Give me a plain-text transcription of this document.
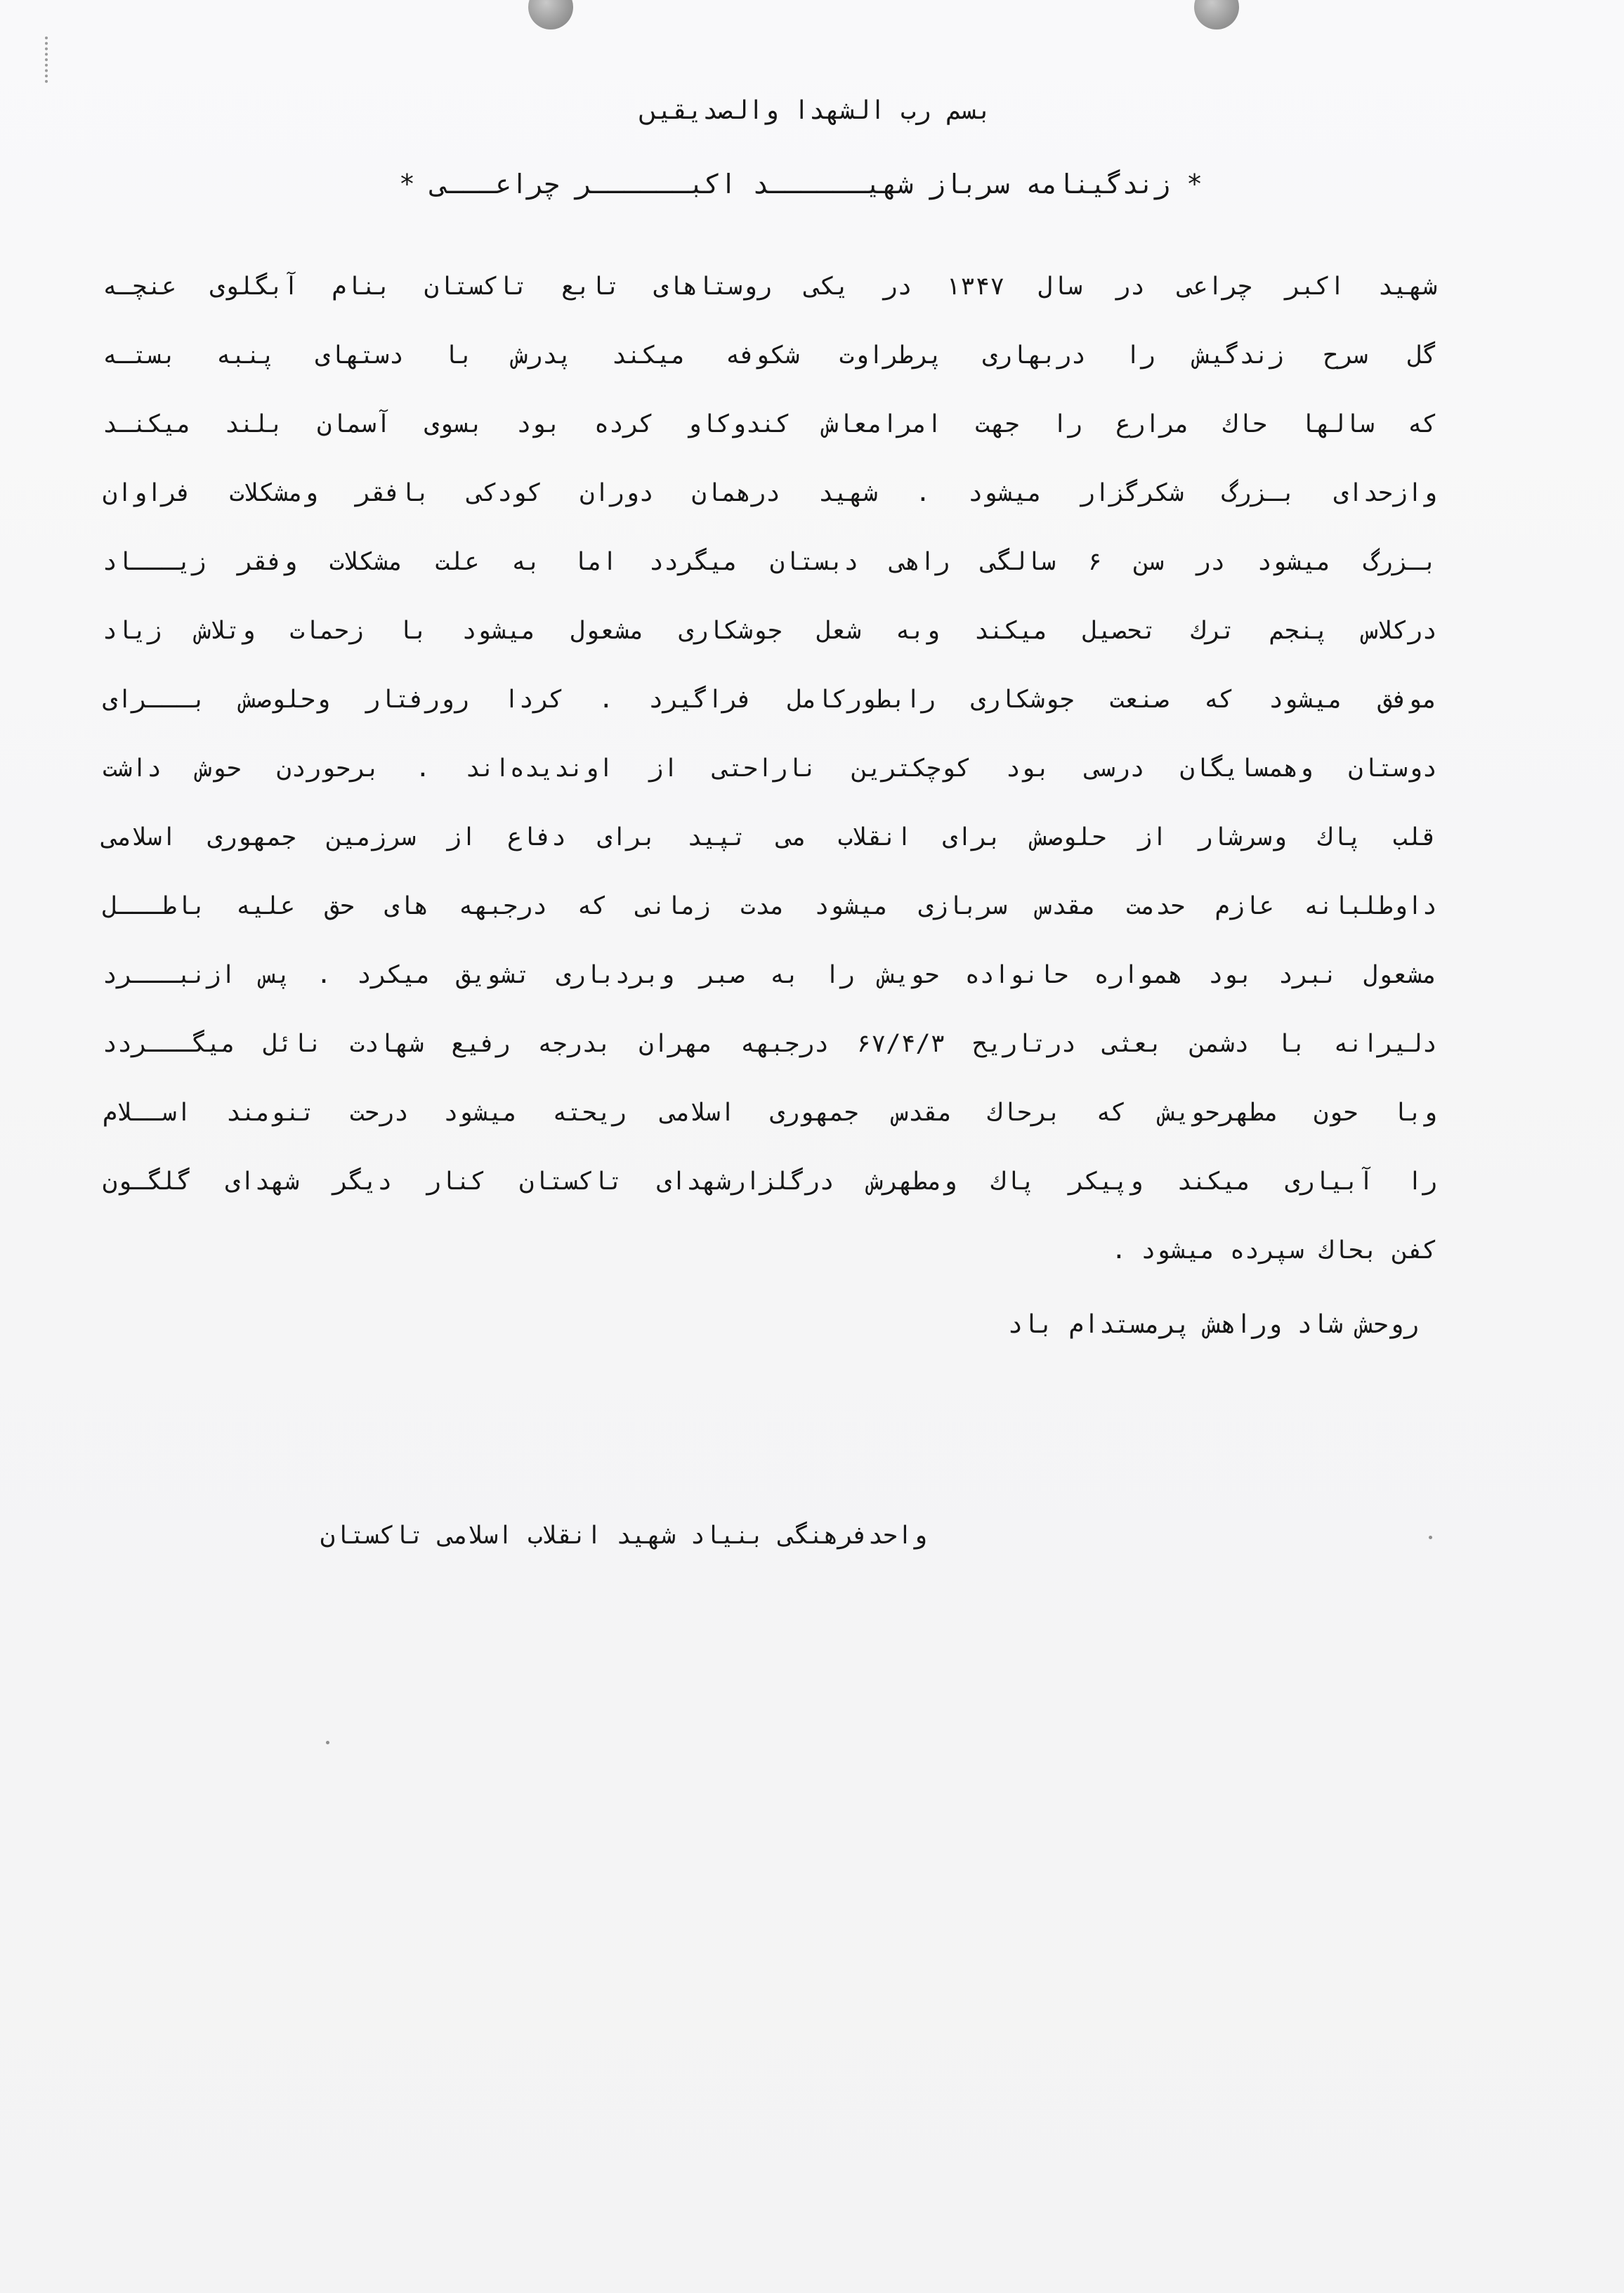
بسم رب الشهدا والصدیقیں
* زندگینامه سرباز شهیــــــد اکبــــــر چراعـــی *
شهید اکبر چراعی در سال ۱۳۴۷ در یکی روستاهای تابع تاکستان بنام آبگلوی عنچـه
گل سرح زندگیش را دربهاری پرطراوت شکوفه میکند پدرش با دستهای پنبه بستـه
که سالها حاك مرارع را جهت امرامعاش کندوکاو کرده بود بسوی آسمان بلند میکنـد
وازحدای بـزرگ شکرگزار میشود . شهید درهمان دوران کودکی بافقر ومشکلات فراوان
بـزرگ میشود در سن ۶ سالگی راهی دبستان میگردد اما به علت مشکلات وفقر زیـــاد
درکلاس پنجم ترك تحصیل میکند وبه شعل جوشکاری مشعول میشود با زحمات وتلاش زیاد
موفق میشود که صنعت جوشکاری رابطورکامل فراگیرد . کردا رورفتار وحلوصش بـــرای
دوستان وهمسایگان درسی بود کوچکترین ناراحتی از اوندیده‌اند . برحوردن حوش داشت
قلب پاك وسرشار از حلوصش برای انقلاب می تپید برای دفاع از سرزمین جمهوری اسلامی
داوطلبانه عازم حدمت مقدس سربازی میشود مدت زمانی که درجبهه های حق علیه باطـــل
مشعول نبرد بود همواره حانواده حویش را به صبر وبردباری تشویق میکرد . پس ازنبـــرد
دلیرانه با دشمن بعثی درتاریح ۶۷/۴/۳ درجبهه مهران بدرجه رفیع شهادت نائل میگـــردد
وبا حون مطهرحویش که برحاك مقدس جمهوری اسلامی ریحته میشود درحت تنومند اســلام
را آبیاری میکند وپیکر پاك ومطهرش درگلزارشهدای تاکستان کنار دیگر شهدای گلگـون
کفن بحاك سپرده میشود .
روحش شاد وراهش پرمستدام باد
واحدفرهنگی بنیاد شهید انقلاب اسلامی تاکستان
